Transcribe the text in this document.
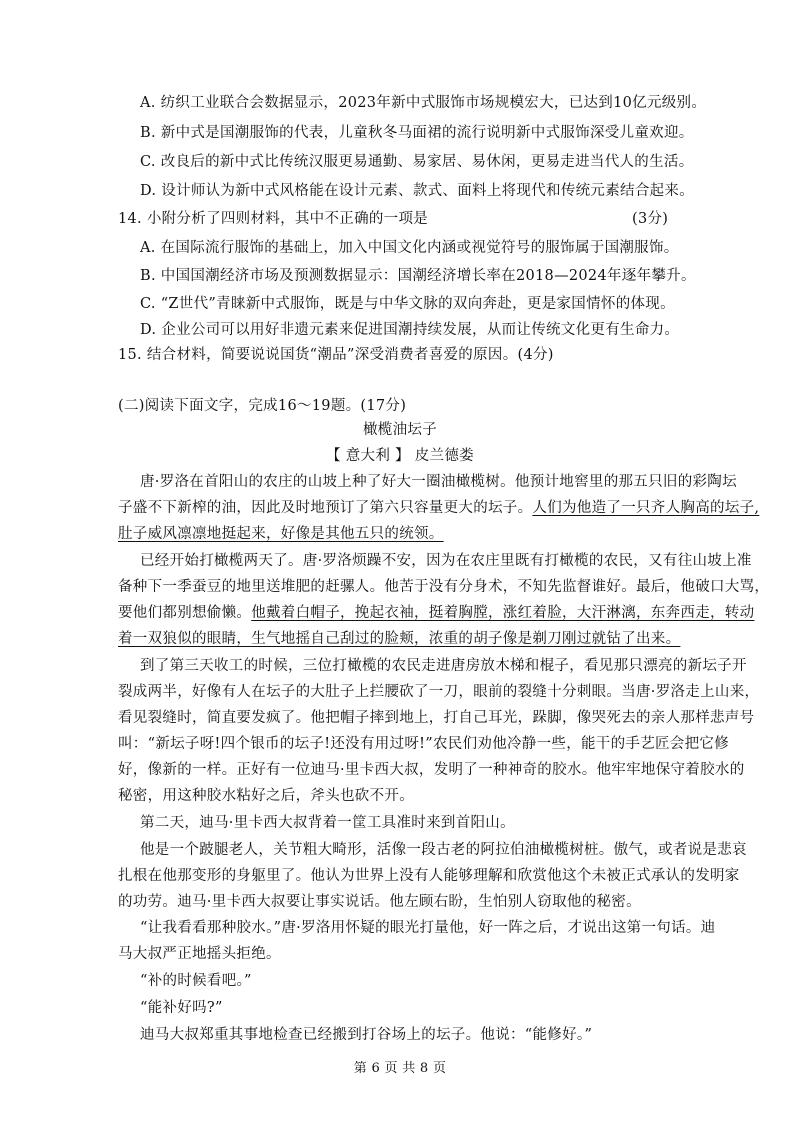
A. 纺织工业联合会数据显示，2023年新中式服饰市场规模宏大，已达到10亿元级别。
B. 新中式是国潮服饰的代表，儿童秋冬马面裙的流行说明新中式服饰深受儿童欢迎。
C. 改良后的新中式比传统汉服更易通勤、易家居、易休闲，更易走进当代人的生活。
D. 设计师认为新中式风格能在设计元素、款式、面料上将现代和传统元素结合起来。
14. 小附分析了四则材料，其中不正确的一项是	(3分)
A. 在国际流行服饰的基础上，加入中国文化内涵或视觉符号的服饰属于国潮服饰。
B. 中国国潮经济市场及预测数据显示：国潮经济增长率在2018—2024年逐年攀升。
C. “Z世代”青睐新中式服饰，既是与中华文脉的双向奔赴，更是家国情怀的体现。
D. 企业公司可以用好非遗元素来促进国潮持续发展，从而让传统文化更有生命力。
15. 结合材料，简要说说国货“潮品”深受消费者喜爱的原因。(4分)
(二)阅读下面文字，完成16～19题。(17分)
橄榄油坛子
【 意大利 】 皮兰德娄
唐·罗洛在首阳山的农庄的山坡上种了好大一圈油橄榄树。他预计地窖里的那五只旧的彩陶坛
子盛不下新榨的油，因此及时地预订了第六只容量更大的坛子。人们为他造了一只齐人胸高的坛子,
肚子威风凛凛地挺起来，好像是其他五只的统领。
已经开始打橄榄两天了。唐·罗洛烦躁不安，因为在农庄里既有打橄榄的农民，又有往山坡上准
备种下一季蚕豆的地里送堆肥的赶骡人。他苦于没有分身术，不知先监督谁好。最后，他破口大骂，
要他们都别想偷懒。他戴着白帽子，挽起衣袖，挺着胸膛，涨红着脸，大汗淋漓，东奔西走，转动
着一双狼似的眼睛，生气地摇自己刮过的脸颊，浓重的胡子像是剃刀刚过就钻了出来。
到了第三天收工的时候，三位打橄榄的农民走进唐房放木梯和棍子，看见那只漂亮的新坛子开
裂成两半，好像有人在坛子的大肚子上拦腰砍了一刀，眼前的裂缝十分刺眼。当唐·罗洛走上山来，
看见裂缝时，简直要发疯了。他把帽子摔到地上，打自己耳光，跺脚，像哭死去的亲人那样悲声号
叫：“新坛子呀!四个银币的坛子!还没有用过呀!”农民们劝他冷静一些，能干的手艺匠会把它修
好，像新的一样。正好有一位迪马·里卡西大叔，发明了一种神奇的胶水。他牢牢地保守着胶水的
秘密，用这种胶水粘好之后，斧头也砍不开。
第二天，迪马·里卡西大叔背着一筐工具准时来到首阳山。
他是一个跛腿老人，关节粗大畸形，活像一段古老的阿拉伯油橄榄树桩。傲气，或者说是悲哀
扎根在他那变形的身躯里了。他认为世界上没有人能够理解和欣赏他这个未被正式承认的发明家
的功劳。迪马·里卡西大叔要让事实说话。他左顾右盼，生怕别人窃取他的秘密。
“让我看看那种胶水。”唐·罗洛用怀疑的眼光打量他，好一阵之后，才说出这第一句话。迪
马大叔严正地摇头拒绝。
“补的时候看吧。”
“能补好吗?”
迪马大叔郑重其事地检查已经搬到打谷场上的坛子。他说：“能修好。”
第 6 页 共 8 页
